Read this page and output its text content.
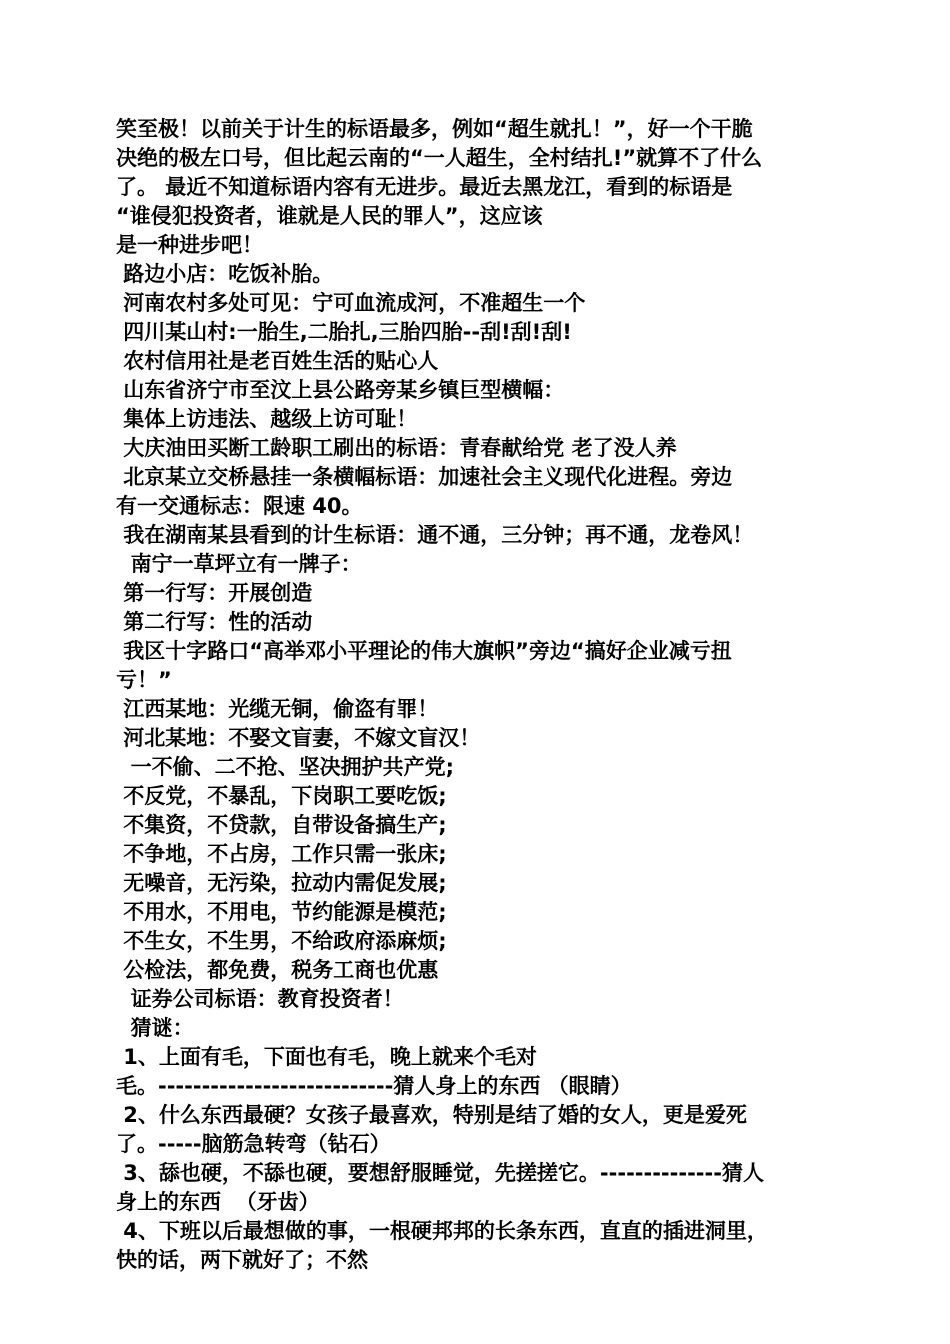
笑至极！以前关于计生的标语最多，例如“超生就扎！”，好一个干脆
决绝的极左口号，但比起云南的“一人超生，全村结扎!”就算不了什么
了。 最近不知道标语内容有无进步。最近去黑龙江，看到的标语是
“谁侵犯投资者，谁就是人民的罪人”，这应该
是一种进步吧！
路边小店：吃饭补胎。
河南农村多处可见：宁可血流成河，不准超生一个
四川某山村:一胎生,二胎扎,三胎四胎--刮!刮!刮!
农村信用社是老百姓生活的贴心人
山东省济宁市至汶上县公路旁某乡镇巨型横幅：
集体上访违法、越级上访可耻！
大庆油田买断工龄职工刷出的标语：青春献给党 老了没人养
北京某立交桥悬挂一条横幅标语：加速社会主义现代化进程。旁边
有一交通标志：限速 40。
我在湖南某县看到的计生标语：通不通，三分钟；再不通，龙卷风！
南宁一草坪立有一牌子：
第一行写：开展创造
第二行写：性的活动
我区十字路口“高举邓小平理论的伟大旗帜”旁边“搞好企业减亏扭
亏！”
江西某地：光缆无铜，偷盗有罪！
河北某地：不娶文盲妻，不嫁文盲汉！
一不偷、二不抢、坚决拥护共产党;
不反党，不暴乱，下岗职工要吃饭;
不集资，不贷款，自带设备搞生产;
不争地，不占房，工作只需一张床;
无噪音，无污染，拉动内需促发展;
不用水，不用电，节约能源是模范;
不生女，不生男，不给政府添麻烦;
公检法，都免费，税务工商也优惠
证券公司标语：教育投资者！
猜谜：
1、上面有毛，下面也有毛，晚上就来个毛对
毛。---------------------------猜人身上的东西 （眼睛）
2、什么东西最硬？女孩子最喜欢，特别是结了婚的女人，更是爱死
了。-----脑筋急转弯（钻石）
3、舔也硬，不舔也硬，要想舒服睡觉，先搓搓它。--------------猜人
身上的东西  （牙齿）
4、下班以后最想做的事，一根硬邦邦的长条东西，直直的插进洞里，
快的话，两下就好了；不然
